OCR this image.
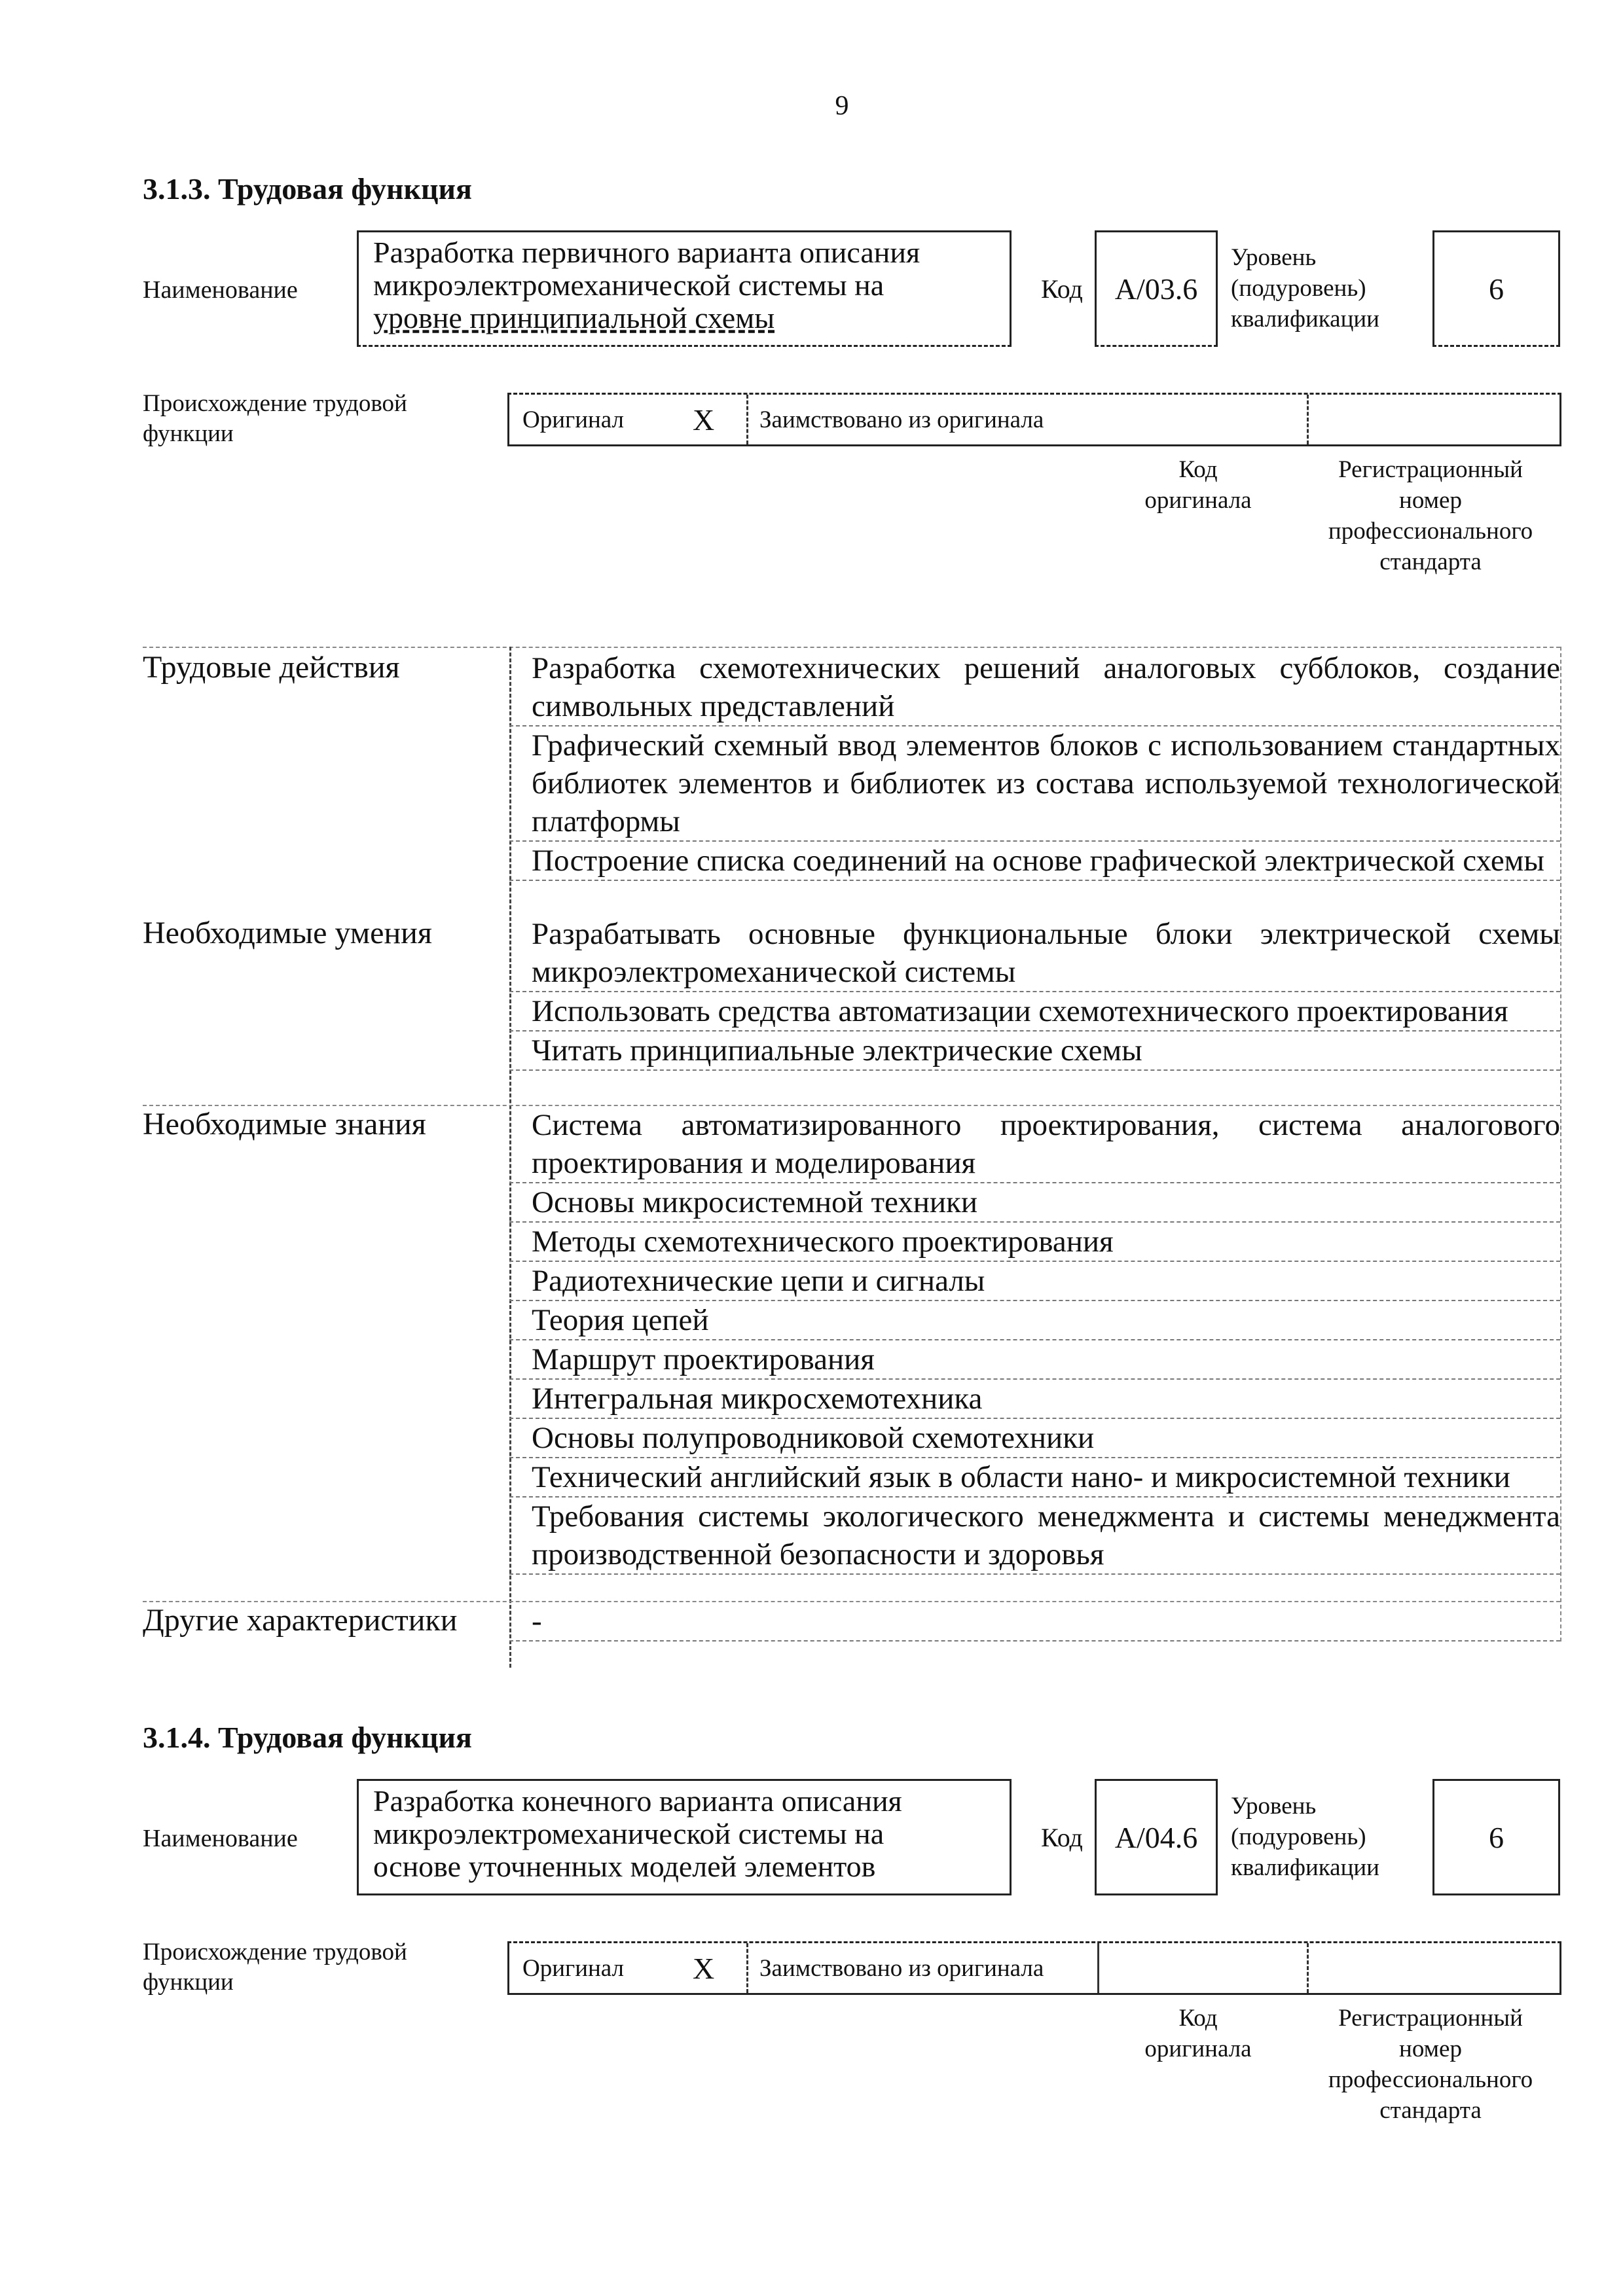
9
3.1.3. Трудовая функция
Наименование
Разработка первичного варианта описания
микроэлектромеханической системы на
уровне принципиальной схемы
Код	A/03.6
Уровень
(подуровень)
квалификации
6
Происхождение трудовой
функции
Оригинал X Заимствовано из оригинала
Код
оригинала
Регистрационный
номер
профессионального
стандарта
Трудовые действия	Разработка схемотехнических решений аналоговых субблоков, создание символьных представлений
Графический схемный ввод элементов блоков с использованием стандартных библиотек элементов и библиотек из состава используемой технологической платформы
Построение списка соединений на основе графической электрической схемы
Необходимые умения	Разрабатывать основные функциональные блоки электрической схемы микроэлектромеханической системы
Использовать средства автоматизации схемотехнического проектирования
Читать принципиальные электрические схемы
Необходимые знания	Система автоматизированного проектирования, система аналогового проектирования и моделирования
Основы микросистемной техники
Методы схемотехнического проектирования
Радиотехнические цепи и сигналы
Теория цепей
Маршрут проектирования
Интегральная микросхемотехника
Основы полупроводниковой схемотехники
Технический английский язык в области нано- и микросистемной техники
Требования системы экологического менеджмента и системы менеджмента производственной безопасности и здоровья
Другие характеристики	-
3.1.4. Трудовая функция
Наименование
Разработка конечного варианта описания
микроэлектромеханической системы на
основе уточненных моделей элементов
Код	A/04.6
Уровень
(подуровень)
квалификации
6
Происхождение трудовой
функции
Оригинал X Заимствовано из оригинала
Код
оригинала
Регистрационный
номер
профессионального
стандарта
